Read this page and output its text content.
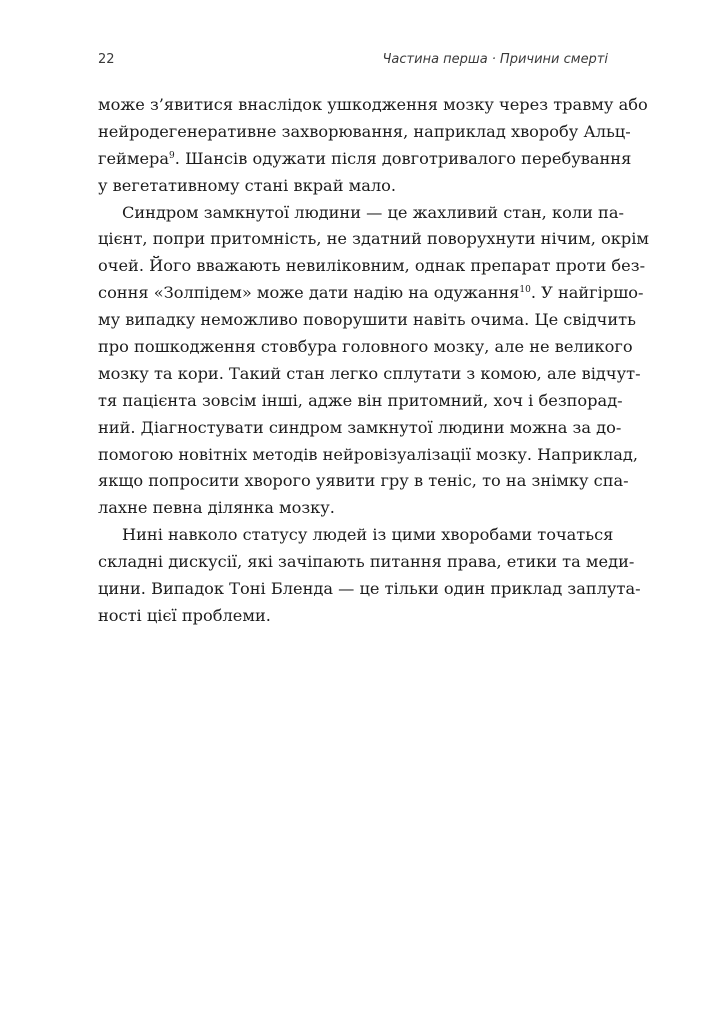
22	Частина перша · Причини смерті
може з’явитися внаслідок ушкодження мозку через травму або
нейродегенеративне захворювання, наприклад хворобу Альц-
геймера$^9$. Шансів одужати після довготривалого перебування
у вегетативному стані вкрай мало.
Синдром замкнутої людини — це жахливий стан, коли па-
цієнт, попри притомність, не здатний поворухнути нічим, окрім
очей. Його вважають невиліковним, однак препарат проти без-
соння «Золпідем» може дати надію на одужання$^{10}$. У найгіршо-
му випадку неможливо поворушити навіть очима. Це свідчить
про пошкодження стовбура головного мозку, але не великого
мозку та кори. Такий стан легко сплутати з комою, але відчут-
тя пацієнта зовсім інші, адже він притомний, хоч і безпорад-
ний. Діагностувати синдром замкнутої людини можна за до-
помогою новітніх методів нейровізуалізації мозку. Наприклад,
якщо попросити хворого уявити гру в теніс, то на знімку спа-
лахне певна ділянка мозку.
Нині навколо статусу людей із цими хворобами точаться
складні дискусії, які зачіпають питання права, етики та меди-
цини. Випадок Тоні Бленда — це тільки один приклад заплута-
ності цієї проблеми.
